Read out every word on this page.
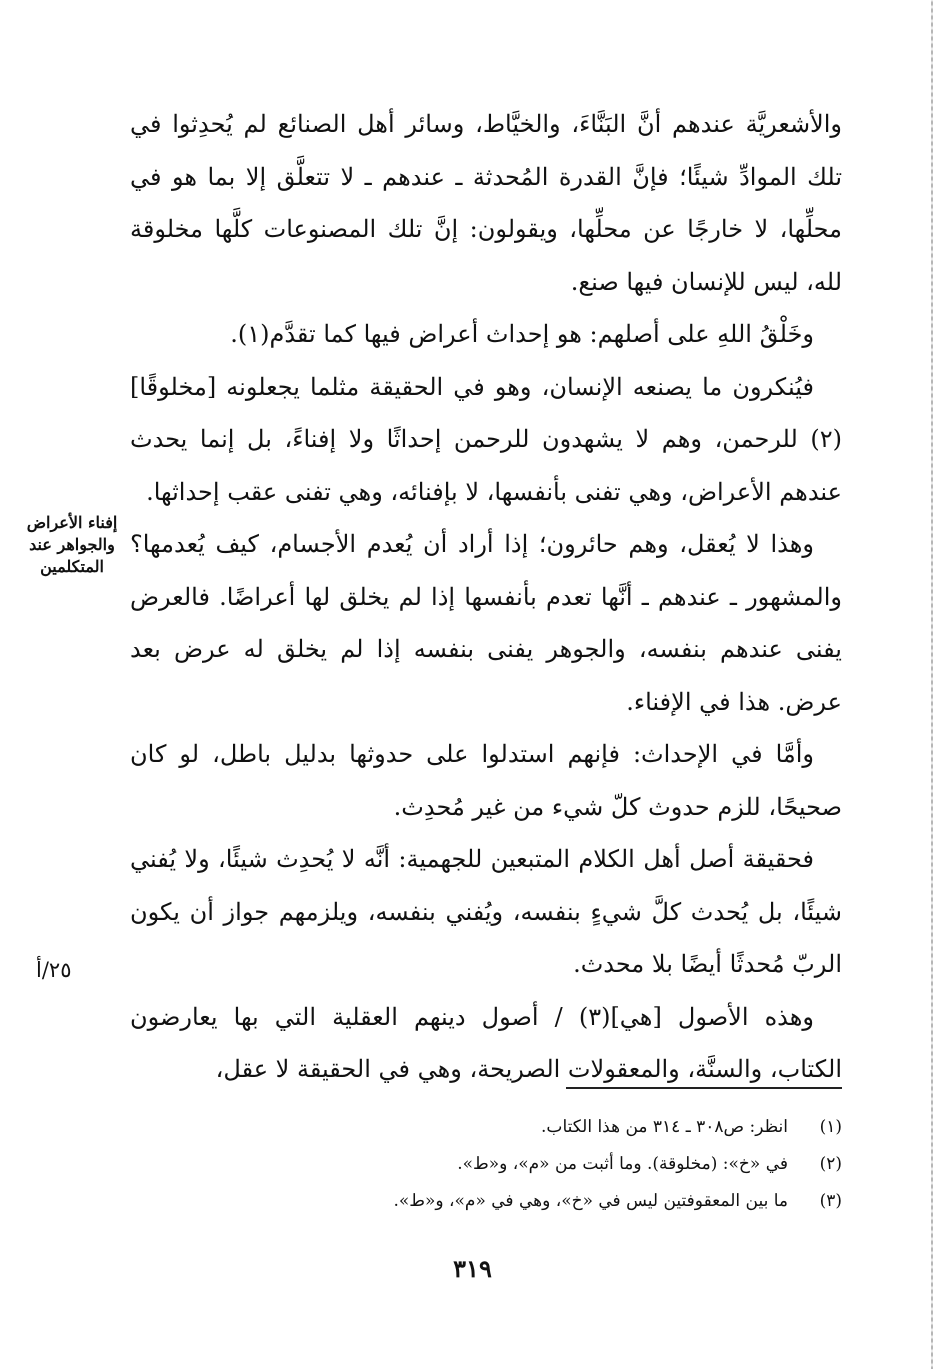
والأشعريَّة عندهم أنَّ البَنَّاءَ، والخيَّاط، وسائر أهل الصنائع لم يُحدِثوا في تلك الموادِّ شيئًا؛ فإنَّ القدرة المُحدثة ـ عندهم ـ لا تتعلَّق إلا بما هو في محلِّها، لا خارجًا عن محلِّها، ويقولون: إنَّ تلك المصنوعات كلَّها مخلوقة لله، ليس للإنسان فيها صنع.

وخَلْقُ اللهِ على أصلهم: هو إحداث أعراض فيها كما تقدَّم(١).

فيُنكرون ما يصنعه الإنسان، وهو في الحقيقة مثلما يجعلونه [مخلوقًا](٢) للرحمن، وهم لا يشهدون للرحمن إحداثًا ولا إفناءً، بل إنما يحدث عندهم الأعراض، وهي تفنى بأنفسها، لا بإفنائه، وهي تفنى عقب إحداثها.

وهذا لا يُعقل، وهم حائرون؛ إذا أراد أن يُعدم الأجسام، كيف يُعدمها؟ والمشهور ـ عندهم ـ أنَّها تعدم بأنفسها إذا لم يخلق لها أعراضًا. فالعرض يفنى عندهم بنفسه، والجوهر يفنى بنفسه إذا لم يخلق له عرض بعد عرض. هذا في الإفناء.

وأمَّا في الإحداث: فإنهم استدلوا على حدوثها بدليل باطل، لو كان صحيحًا، للزم حدوث كلّ شيء من غير مُحدِث.

فحقيقة أصل أهل الكلام المتبعين للجهمية: أنَّه لا يُحدِث شيئًا، ولا يُفني شيئًا، بل يُحدث كلَّ شيءٍ بنفسه، ويُفني بنفسه، ويلزمهم جواز أن يكون الربّ مُحدثًا أيضًا بلا محدث.

وهذه الأصول [هي](٣) / أصول دينهم العقلية التي بها يعارضون الكتاب، والسنَّة، والمعقولات الصريحة، وهي في الحقيقة لا عقل،

إفناء الأعراض والجواهر عند المتكلمين
٢٥/أ
(١)
انظر: ص٣٠٨ ـ ٣١٤ من هذا الكتاب.
(٢)
في «خ»: (مخلوقة). وما أثبت من «م»، و«ط».
(٣)
ما بين المعقوفتين ليس في «خ»، وهي في «م»، و«ط».
٣١٩
